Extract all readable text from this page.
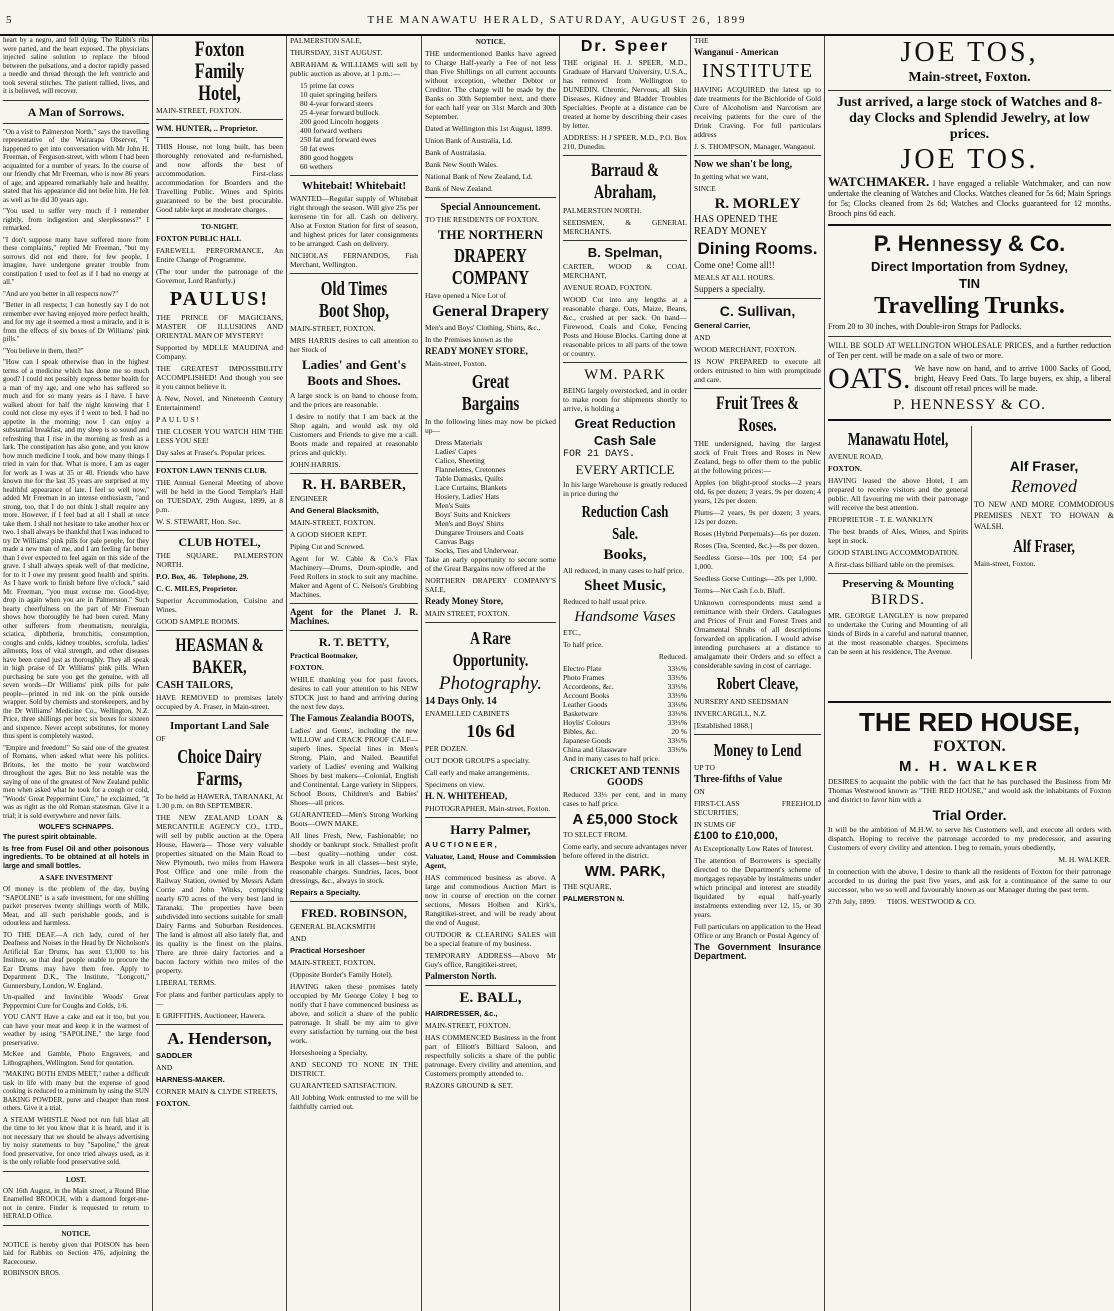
5	THE MANAWATU HERALD, SATURDAY, AUGUST 26, 1899

heart by a negro, and fell dying. The Rabbi's ribs were parted, and the heart exposed. The physicians injected saline solution to replace the blood between the pulsations, and a doctor rapidly passed a needle and thread through the left ventricle and took several stitches. The patient rallied, lives, and it is believed, will recover.

A Man of Sorrows.

"On a visit to Palmerston North," says the travelling representative of the Wairarapa Observer, "I happened to get into conversation with Mr John H. Freeman, of Ferguson-street, with whom I had been acquainted for a number of years. In the course of our friendly chat Mr Freeman, who is now 86 years of age, and appeared remarkably hale and healthy, stated that his appearance did not belie him. He felt as well as he did 30 years ago.

"You used to suffer very much if I remember rightly, from indigestion and sleeplessness?" I remarked.

"I don't suppose many have suffered more from these complaints," replied Mr Freeman, "but my sorrows did not end there, for few people, I imagine, have undergone greater trouble from constipation I used to feel as if I had no energy at all."

"And are you better in all respects now?"

"Better in all respects; I can honestly say I do not remember ever having enjoyed more perfect health, and for my age it seemed a most a miracle, and it is from the effects of six boxes of Dr Williams' pink pills."

"You believe in them, then?"

"How can I speak otherwise than in the highest terms of a medicine which has done me so much good? I could not possibly express better health for a man of my age, and one who has suffered so much and for so many years as I have. I have walked about for half the night knowing that I could not close my eyes if I went to bed. I had no appetite in the morning; now I can enjoy a substantial breakfast, and my sleep is so sound and refreshing that I rise in the morning as fresh as a lark. The constipation has also gone, and you know how much medicine I took, and how many things I tried in vain for that. What is more, I am as eager for work as I was at 35 or 40. Friends who have known me for the last 35 years are surprised at my healthful appearance of late. I feel so well now," added Mr Freeman in an intense enthusiasm, "and strong, too, that I do not think I shall require any more. However, if I feel bad at all I shall at once take them. I shall not hesitate to take another box or two. I shall always be thankful that I was induced to try Dr Williams' pink pills for pale people, for they made a new man of me, and I am feeling far better than I ever expected to feel again on this side of the grave. I shall always speak well of that medicine, for to it I owe my present good health and spirits. As I have work to finish before five o'clock," said Mr. Freeman, "you must excuse me. Good-bye; drop in again when you are in Palmerston." Such hearty cheerfulness on the part of Mr Freeman shows how thoroughly he had been cured. Many other sufferers from rheumatism, neuralgia, sciatica, diphtheria, bronchitis, consumption, coughs and colds, kidney troubles, scrofula, ladies' ailments, loss of vital strength, and other diseases have been cured just as thoroughly. They all speak in high praise of Dr Williams' pink pills. When purchasing be sure you get the genuine, with all seven words—Dr Williams' pink pills for pale people—printed in red ink on the pink outside wrapper. Sold by chemists and storekeepers, and by the Dr Williams' Medicine Co., Wellington, N.Z. Price, three shillings per box; six boxes for sixteen and sixpence. Never accept substitutes, for money thus spent is completely wasted.

"Empire and freedom!" So said one of the greatest of Romans, when asked what were his politics. Britons, let the motto be your watchword throughout the ages. But no less notable was the saying of one of the greatest of New Zealand public men when asked what he took for a cough or cold, "Woods' Great Peppermint Cure," he exclaimed, "it was as right as the old Roman statesman. Give it a trial; it is sold everywhere and never fails.

WOLFE'S SCHNAPPS.

The purest spirit obtainable.

Is free from Fusel Oil and other poisonous ingredients. To be obtained at all hotels in large and small bottles.

A SAFE INVESTMENT

Of money is the problem of the day, buying "SAPOLINE" is a safe investment, for one shilling packet preserves twenty shillings worth of Milk, Meat, and all such perishable goods, and is odourless and harmless.

TO THE DEAF.—A rich lady, cured of her Deafness and Noises in the Head by Dr Nicholson's Artificial Ear Drums, has sent £1,000 to his Institute, so that deaf people unable to procure the Ear Drums may have them free. Apply to Department D.K., The Institute, "Longcott," Gunnersbury, London, W. England.

Un-qualled and Invincible Woods' Great Peppermint Cure for Coughs and Colds, 1/6.

YOU CAN'T Have a cake and eat it too, but you can have your meat and keep it in the warmest of weather by using "SAPOLINE," the large food preservative.

McKee and Gamble, Photo Engravers, and Lithographers, Wellington. Send for quotation.

"MAKING BOTH ENDS MEET," rather a difficult task in life with many but the expense of good cooking is reduced to a minimum by using the SUN BAKING POWDER, purer and cheaper than most others. Give it a trial.

A STEAM WHISTLE Need not run full blast all the time to let you know that it is heard, and it is not necessary that we should be always advertising by noisy statements to buy "Sapoline," the great food preservative, for once tried always used, as it is the only reliable food preservative sold.

LOST.

ON 16th August, in the Main street, a Round Blue Enamelled BROOCH, with a diamond forget-me-not in centre. Finder is requested to return to HERALD Office.

NOTICE.

NOTICE is hereby given that POISON has been laid for Rabbits on Section 476, adjoining the Racecourse.

ROBINSON BROS.

Foxton Family Hotel,

MAIN-STREET, FOXTON.

WM. HUNTER, .. Proprietor.

THIS House, not long built, has been thoroughly renovated and re-furnished, and now affords the best of accommodation. First-class accommodation for Boarders and the Travelling Public. Wines and Spirits guaranteed to be the best procurable. Good table kept at moderate charges.

TO-NIGHT.

FOXTON PUBLIC HALL

FAREWELL PERFORMANCE, An Entire Change of Programme.

(The tour under the patronage of the Governor, Lord Ranfurly.)

PAULUS!

THE PRINCE OF MAGICIANS, MASTER OF ILLUSIONS AND ORIENTAL MAN OF MYSTERY!

Supported by MDLLE MAUDINA and Company.

THE GREATEST IMPOSSIBILITY ACCOMPLISHED! And though you see it you cannot believe it.

A New, Novel, and Nineteenth Century Entertainment!

PAULUS!

THE CLOSER YOU WATCH HIM THE LESS YOU SEE!

Day sales at Fraser's. Popular prices.

FOXTON LAWN TENNIS CLUB.

THE Annual General Meeting of above will be held in the Good Templar's Hall on TUESDAY, 29th August, 1899, at 8 p.m.

W. S. STEWART, Hon. Sec.

CLUB HOTEL,

THE SQUARE, PALMERSTON NORTH.

P.O. Box, 46. Telephone, 29.

C. C. MILES, Proprietor.

Superior Accommodation, Cuisine and Wines.

GOOD SAMPLE ROOMS.

HEASMAN & BAKER,

CASH TAILORS,

HAVE REMOVED to premises lately occupied by A. Fraser, in Main-street.

Important Land Sale

OF

Choice Dairy Farms,

To be held at HAWERA, TARANAKI, At 1.30 p.m. on 8th SEPTEMBER.

THE NEW ZEALAND LOAN & MERCANTILE AGENCY CO., LTD., will sell by public auction at the Opera House, Hawera— Those very valuable properties situated on the Main Road to New Plymouth, two miles from Hawera Post Office and one mile from the Railway Station, owned by Messrs Adam Corrie and John Winks, comprising nearly 670 acres of the very best land in Taranaki. The properties have been subdivided into sections suitable for small Dairy Farms and Suburban Residences. The land is almost all also lately flat, and its quality is the finest on the plains. There are three dairy factories and a bacon factory within two miles of the property.

LIBERAL TERMS.

For plans and further particulars apply to—

E GRIFFITHS, Auctioneer, Hawera.

A. Henderson,

SADDLER

AND

HARNESS-MAKER.

CORNER MAIN & CLYDE STREETS,

FOXTON.

PALMERSTON SALE,

THURSDAY, 31ST AUGUST.

ABRAHAM & WILLIAMS will sell by public auction as above, at 1 p.m.:—

15 prime fat cows
10 quiet springing heifers
80 4-year forward steers
25 4-year forward bullock
200 good Lincoln hoggets
400 forward wethers
250 fat and forward ewes
50 fat ewes
800 good hoggets
60 wethers
Whitebait! Whitebait!

WANTED—Regular supply of Whitebait right through the season. Will give 25s per kerosene tin for all. Cash on delivery. Also at Foxton Station for first of season, and highest prices for later consignments to be arranged. Cash on delivery.

NICHOLAS FERNANDOS, Fish Merchant, Wellington.

Old Times Boot Shop,

MAIN-STREET, FOXTON.

MRS HARRIS desires to call attention to her Stock of

Ladies' and Gent's Boots and Shoes.

A large stock is on hand to choose from, and the prices are reasonable.

I desire to notify that I am back at the Shop again, and would ask my old Customers and Friends to give me a call. Boots made and repaired at reasonable prices and quickly.

JOHN HARRIS.

R. H. BARBER,

ENGINEER

And General Blacksmith,

MAIN-STREET, FOXTON.

A GOOD SHOER KEPT.

Piping Cut and Screwed.

Agent for W. Cable & Co.'s Flax Machinery—Drums, Drum-spindle, and Feed Rollers in stock to suit any machine. Maker and Agent of C. Nelson's Grubbing Machines.

Agent for the Planet J. R. Machines.

R. T. BETTY,

Practical Bootmaker,

FOXTON.

WHILE thanking you for past favors, desires to call your attention to his NEW STOCK just to hand and arriving during the next few days.

The Famous Zealandia BOOTS,

Ladies' and Gents', including the new WILLOW and CRACK PROOF CALF—superb lines. Special lines in Men's Strong, Plain, and Nailed. Beautiful variety of Ladies' evening and Walking Shoes by best makers—Colonial, English and Continental. Large variety in Slippers. School Boots, Children's and Babies' Shoes—all prices.

GUARANTEED—Men's Strong Working Boots—OWN MAKE.

All lines Fresh, New, Fashionable; no shoddy or bankrupt stock. Smallest profit—best quality—nothing under cost. Bespoke work in all classes—best style, reasonable charges. Sundries, laces, boot dressings, &c., always in stock.

Repairs a Specialty.

FRED. ROBINSON,

GENERAL BLACKSMITH

AND

Practical Horseshoer

MAIN-STREET, FOXTON,

(Opposite Border's Family Hotel).

HAVING taken these premises lately occupied by Mr George Coley I beg to notify that I have commenced business as above, and solicit a share of the public patronage. It shall be my aim to give every satisfaction by turning out the best work.

Horseshoeing a Specialty,

AND SECOND TO NONE IN THE DISTRICT.

GUARANTEED SATISFACTION.

All Jobbing Work entrusted to me will be faithfully carried out.

NOTICE.

THE undermentioned Banks have agreed to Charge Half-yearly a Fee of not less than Five Shillings on all current accounts without exception, whether Debtor or Creditor. The charge will be made by the Banks on 30th September next, and there for each half year on 31st March and 30th September.

Dated at Wellington this 1st August, 1899.

Union Bank of Australia, Ld.

Bank of Australasia.

Bank New South Wales.

National Bank of New Zealand, Ld.

Bank of New Zealand.

Special Announcement.

TO THE RESIDENTS OF FOXTON.

THE NORTHERN
DRAPERY COMPANY

Have opened a Nice Lot of

General Drapery

Men's and Boys' Clothing, Shirts, &c.,

In the Premises known as the

READY MONEY STORE,

Main-street, Foxton.

Great Bargains

In the following lines may now be picked up—

Dress Materials
Ladies' Capes
Calico, Sheeting
Flannelettes, Cretonnes
Table Damasks, Quilts
Lace Curtains, Blankets
Hosiery, Ladies' Hats
Men's Suits
Boys' Suits and Knickers
Men's and Boys' Shirts
Dungaree Trousers and Coats
Canvas Bags
Socks, Ties and Underwear.

Take an early opportunity to secure some of the Great Bargains now offered at the

NORTHERN DRAPERY COMPANY'S SALE,

Ready Money Store,

MAIN STREET, FOXTON.

A Rare Opportunity.
Photography.

14 Days Only. 14

ENAMELLED CABINETS

10s 6d

PER DOZEN.

OUT DOOR GROUPS a specialty.

Call early and make arrangements.

Specimens on view.

H. N. WHITEHEAD,

PHOTOGRAPHER, Main-street, Foxton.

Harry Palmer,

AUCTIONEER,

Valuator, Land, House and Commission Agent,

HAS commenced business as above. A large and commodious Auction Mart is now in course of erection on the corner sections, Messrs Holben and Kirk's, Rangitikei-street, and will be ready about the end of August.

OUTDOOR & CLEARING SALES will be a special feature of my business.

TEMPORARY ADDRESS—Above Mr Guy's office, Rangitikei-street,

Palmerston North.

E. BALL,

HAIRDRESSER, &c.,

MAIN-STREET, FOXTON.

HAS COMMENCED Business in the front part of Elliott's Billiard Saloon, and respectfully solicits a share of the public patronage. Every civility and attention, and Customers promptly attended to.

RAZORS GROUND & SET.

Dr. Speer

THE original H. J. SPEER, M.D., Graduate of Harvard University, U.S.A., has removed from Wellington to DUNEDIN. Chronic, Nervous, all Skin Diseases, Kidney and Bladder Troubles Specialties. People at a distance can be treated at home by describing their cases by letter.

ADDRESS: H J SPEER, M.D., P.O. Box 210, Dunedin.

Barraud & Abraham,

PALMERSTON NORTH.

SEEDSMEN, & GENERAL MERCHANTS.

B. Spelman,

CARTER, WOOD & COAL MERCHANT,

AVENUE ROAD, FOXTON.

WOOD Cut into any lengths at a reasonable charge. Oats, Maize, Beans, &c., crushed at per sack. On hand—Firewood, Coals and Coke, Fencing Posts and House Blocks. Carting done at reasonable prices to all parts of the town or country.

WM. PARK

BEING largely overstocked, and in order to make room for shipments shortly to arrive, is holding a

Great Reduction
Cash Sale

FOR 21 DAYS.

EVERY ARTICLE

In his large Warehouse is greatly reduced in price during the

Reduction Cash Sale.
Books,

All reduced, in many cases to half price.

Sheet Music,

Reduced to half usual price.

Handsome Vases

ETC.,

To half price.

Reduced.

Electro Plate	33⅓%
Photo Frames	33⅓%
Accordeons, &c.	33⅓%
Account Books	33⅓%
Leather Goods	33⅓%
Basketware	33⅓%
Hoylis' Colours	33⅓%
Bibles, &c.	20 %
Japanese Goods	33⅓%
China and Glassware	33⅓%

And in many cases to half price.

CRICKET AND TENNIS GOODS

Reduced 33⅓ per cent, and in many cases to half price.

A £5,000 Stock

TO SELECT FROM.

Come early, and secure advantages never before offered in the district.

WM. PARK,

THE SQUARE,

PALMERSTON N.

THE

Wanganui - American

INSTITUTE

HAVING ACQUIRED the latest up to date treatments for the Bichloride of Gold Cure of Alcoholism and Narcotism are receiving patients for the cure of the Drink Craving. For full particulars address

J. S. THOMPSON, Manager, Wanganui.

Now we shan't be long,

In getting what we want,

SINCE

R. MORLEY

HAS OPENED THE

READY MONEY

Dining Rooms.

Come one! Come all!!

MEALS AT ALL HOURS.

Suppers a specialty.

C. Sullivan,

General Carrier,

AND

WOOD MERCHANT, FOXTON.

IS NOW PREPARED to execute all orders entrusted to him with promptitude and care.

Fruit Trees & Roses.

THE undersigned, having the largest stock of Fruit Trees and Roses in New Zealand, begs to offer them to the public at the following prices:—

Apples (on blight-proof stocks—2 years old, 6s per dozen; 3 years, 9s per dozen; 4 years, 12s per dozen.

Plums—2 years, 9s per dozen; 3 years, 12s per dozen.

Roses (Hybrid Perpetuals)—6s per dozen.

Roses (Tea, Scented, &c.)—8s per dozen.

Seedless Gorse—10s per 100; £4 per 1,000.

Seedless Gorse Cuttings—20s per 1,000.

Terms—Net Cash f.o.b. Bluff.

Unknown correspondents must send a remittance with their Orders. Catalogues and Prices of Fruit and Forest Trees and Ornamental Shrubs of all descriptions forwarded on application. I would advise intending purchasers at a distance to amalgamate their Orders and so effect a considerable saving in cost of carriage.

Robert Cleave,

NURSERY AND SEEDSMAN

INVERCARGILL, N.Z.

[Established 1868.]

Money to Lend

UP TO

Three-fifths of Value

ON

FIRST-CLASS FREEHOLD SECURITIES,

IN SUMS OF

£100 to £10,000,

At Exceptionally Low Rates of Interest.

The attention of Borrowers is specially directed to the Department's scheme of mortgages repayable by instalments under which principal and interest are steadily liquidated by equal half-yearly instalments extending over 12, 15, or 30 years.

Full particulars on application to the Head Office or any Branch or Postal Agency of

The Government Insurance Department.

JOE TOS,
Main-street, Foxton.
Just arrived, a large stock of Watches and 8-day Clocks and Splendid Jewelry, at low prices.
JOE TOS.

WATCHMAKER. I have engaged a reliable Watchmaker, and can now undertake the cleaning of Watches and Clocks. Watches cleaned for 5s 6d; Main Springs for 5s; Clocks cleaned from 2s 6d; Watches and Clocks guaranteed for 12 months. Brooch pins 6d each.

P. Hennessy & Co.
Direct Importation from Sydney,
TIN
Travelling Trunks.

From 20 to 30 inches, with Double-iron Straps for Padlocks.

WILL BE SOLD AT WELLINGTON WHOLESALE PRICES, and a further reduction of Ten per cent. will be made on a sale of two or more.

OATS. We have now on hand, and to arrive 1000 Sacks of Good, bright, Heavy Feed Oats. To large buyers, ex ship, a liberal discount off retail prices will be made.

P. HENNESSY & CO.
Manawatu Hotel,

AVENUE ROAD,

FOXTON.

HAVING leased the above Hotel, I am prepared to receive visitors and the general public. All favouring me with their patronage will receive the best attention.

PROPRIETOR - T. E. WANKLYN

The best brands of Ales, Wines, and Spirits kept in stock.

GOOD STABLING ACCOMMODATION.

A first-class billiard table on the premises.

Preserving & Mounting
BIRDS.

MR. GEORGE LANGLEY is now prepared to undertake the Curing and Mounting of all kinds of Birds in a careful and natural manner, at the most reasonable charges. Specimens can be seen at his residence, The Avenue.

Alf Fraser,
Removed

TO NEW AND MORE COMMODIOUS PREMISES NEXT TO HOWAN & WALSH.

Alf Fraser,

Main-street, Foxton.

THE RED HOUSE,
FOXTON.
M. H. WALKER

DESIRES to acquaint the public with the fact that he has purchased the Business from Mr Thomas Westwood known as "THE RED HOUSE," and would ask the inhabitants of Foxton and district to favor him with a

Trial Order.

It will be the ambition of M.H.W. to serve his Customers well, and execute all orders with dispatch. Hoping to receive the patronage accorded to my predecessor, and assuring Customers of every civility and attention. I beg to remain, yours obediently,

M. H. WALKER.

In connection with the above, I desire to thank all the residents of Foxton for their patronage accorded to us during the past five years, and ask for a continuance of the same to our successor, who we so well and favourably known as our Manager during the past term.

27th July, 1899. THOS. WESTWOOD & CO.
